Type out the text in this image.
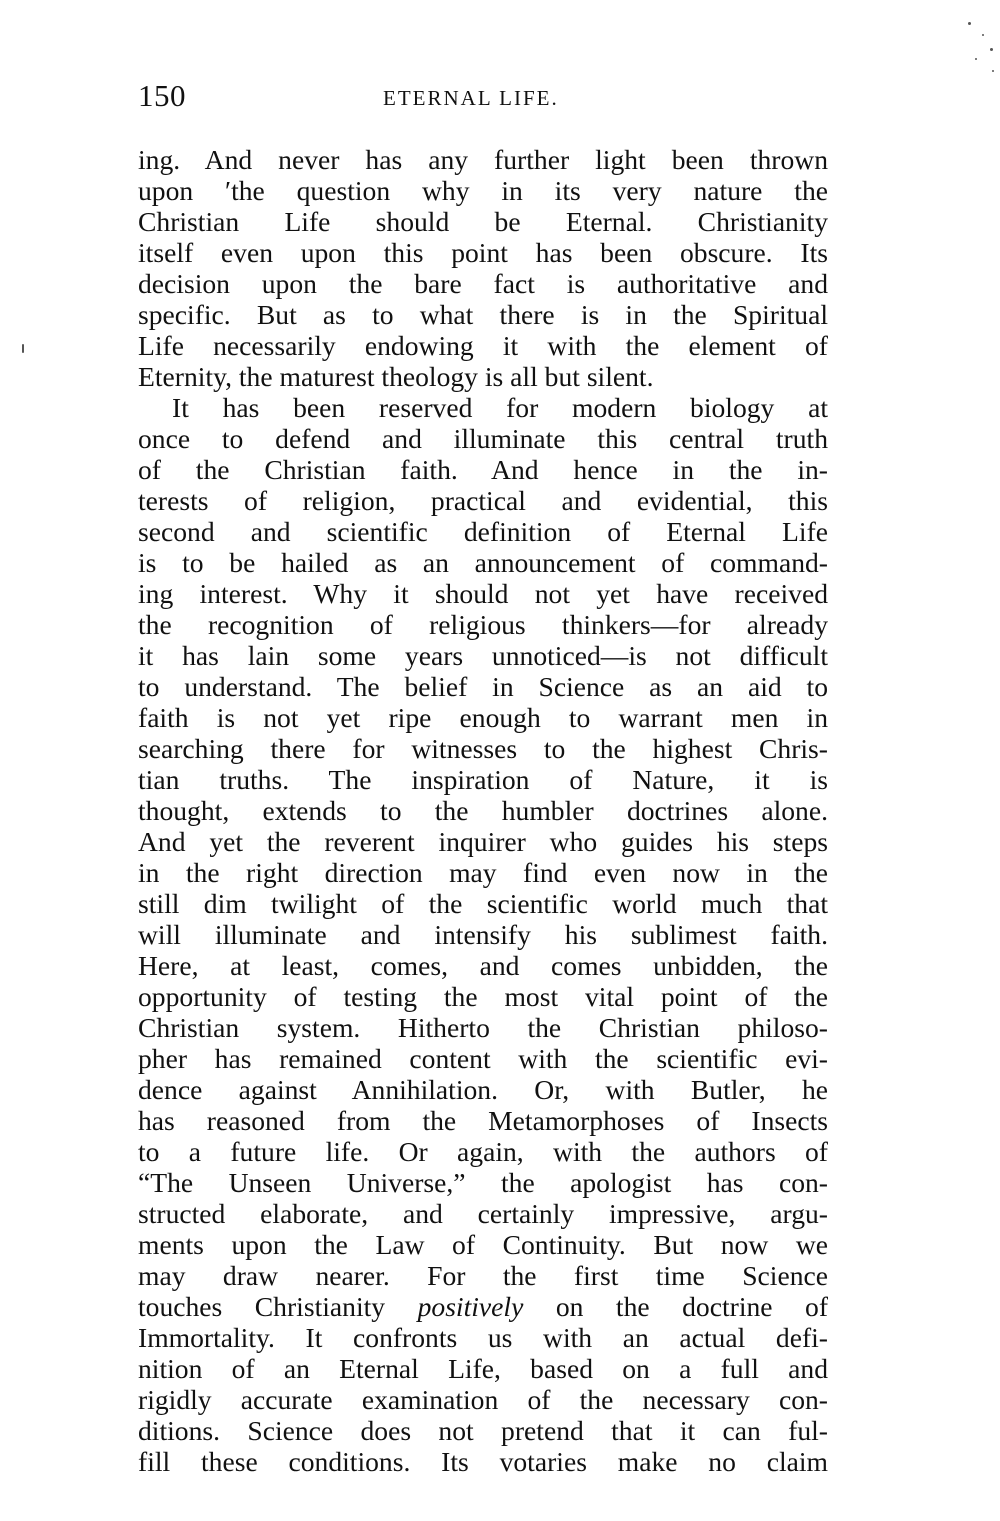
150	ETERNAL LIFE.
ing. And never has any further light been thrown
upon ʹthe question why in its very nature the
Christian Life should be Eternal. Christianity
itself even upon this point has been obscure. Its
decision upon the bare fact is authoritative and
specific. But as to what there is in the Spiritual
Life necessarily endowing it with the element of
Eternity, the maturest theology is all but silent.
It has been reserved for modern biology at
once to defend and illuminate this central truth
of the Christian faith. And hence in the in-
terests of religion, practical and evidential, this
second and scientific definition of Eternal Life
is to be hailed as an announcement of command-
ing interest. Why it should not yet have received
the recognition of religious thinkers—for already
it has lain some years unnoticed—is not difficult
to understand. The belief in Science as an aid to
faith is not yet ripe enough to warrant men in
searching there for witnesses to the highest Chris-
tian truths. The inspiration of Nature, it is
thought, extends to the humbler doctrines alone.
And yet the reverent inquirer who guides his steps
in the right direction may find even now in the
still dim twilight of the scientific world much that
will illuminate and intensify his sublimest faith.
Here, at least, comes, and comes unbidden, the
opportunity of testing the most vital point of the
Christian system. Hitherto the Christian philoso-
pher has remained content with the scientific evi-
dence against Annihilation. Or, with Butler, he
has reasoned from the Metamorphoses of Insects
to a future life. Or again, with the authors of
“The Unseen Universe,” the apologist has con-
structed elaborate, and certainly impressive, argu-
ments upon the Law of Continuity. But now we
may draw nearer. For the first time Science
touches Christianity positively on the doctrine of
Immortality. It confronts us with an actual defi-
nition of an Eternal Life, based on a full and
rigidly accurate examination of the necessary con-
ditions. Science does not pretend that it can ful-
fill these conditions. Its votaries make no claim
